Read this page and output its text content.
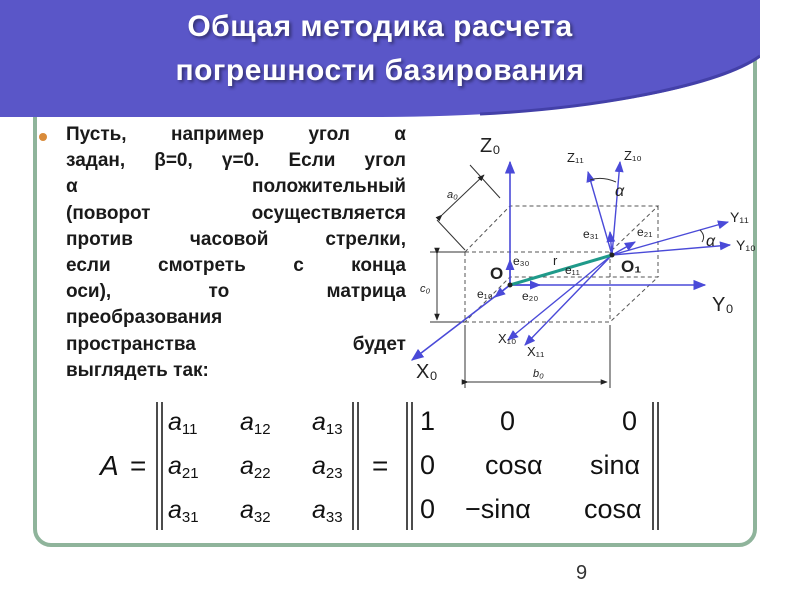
Общая методика расчета
погрешности базирования
Пусть, например угол α
задан, β=0, γ=0. Если угол
α положительный
(поворот осуществляется
против часовой стрелки,
если смотреть с конца
оси), то матрица
преобразования
пространства будет
выглядеть так:
Z₀
Z₁₁	Z₁₀
α
Y₁₁
Y₁₀
α
Y₀
X₀
X₁₀
X₁₁
O	O₁
r
e₃₁	e₂₁
e₃₀
e₁₁
e₁₀ e₂₀
c₀
a₀
b₀
A =	=
a11 a12 a13
a21 a22 a23
a31 a32 a33
1 0	0
0 cosα sinα
0 −sinα cosα
9
